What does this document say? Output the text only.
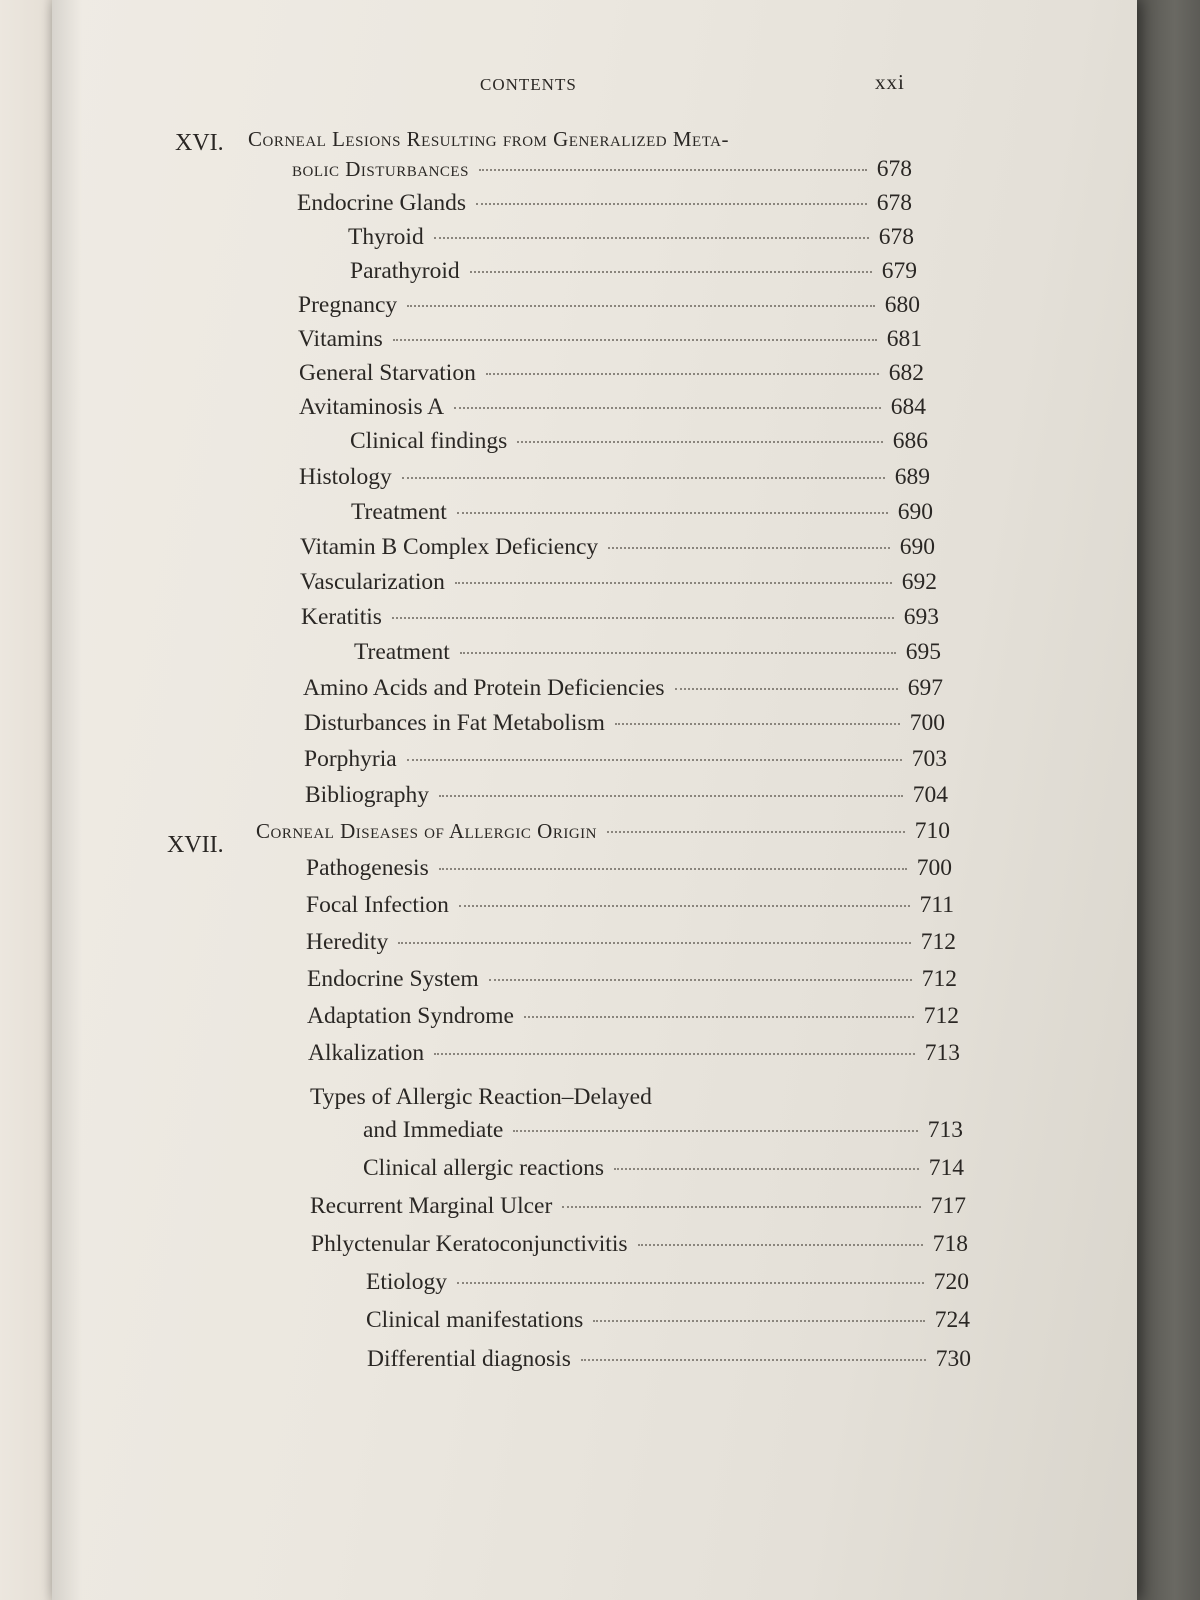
CONTENTS	xxi
XVI. Corneal Lesions Resulting from Generalized Meta-
bolic Disturbances	678
Endocrine Glands	678
Thyroid	678
Parathyroid	679
Pregnancy	680
Vitamins	681
General Starvation	682
Avitaminosis A	684
Clinical findings	686
Histology	689
Treatment	690
Vitamin B Complex Deficiency	690
Vascularization	692
Keratitis	693
Treatment	695
Amino Acids and Protein Deficiencies	697
Disturbances in Fat Metabolism	700
Porphyria	703
Bibliography	704
XVII.
Corneal Diseases of Allergic Origin	710
Pathogenesis	700
Focal Infection	711
Heredity	712
Endocrine System	712
Adaptation Syndrome	712
Alkalization	713
Types of Allergic Reaction–Delayed
and Immediate	713
Clinical allergic reactions	714
Recurrent Marginal Ulcer	717
Phlyctenular Keratoconjunctivitis	718
Etiology	720
Clinical manifestations	724
Differential diagnosis	730
